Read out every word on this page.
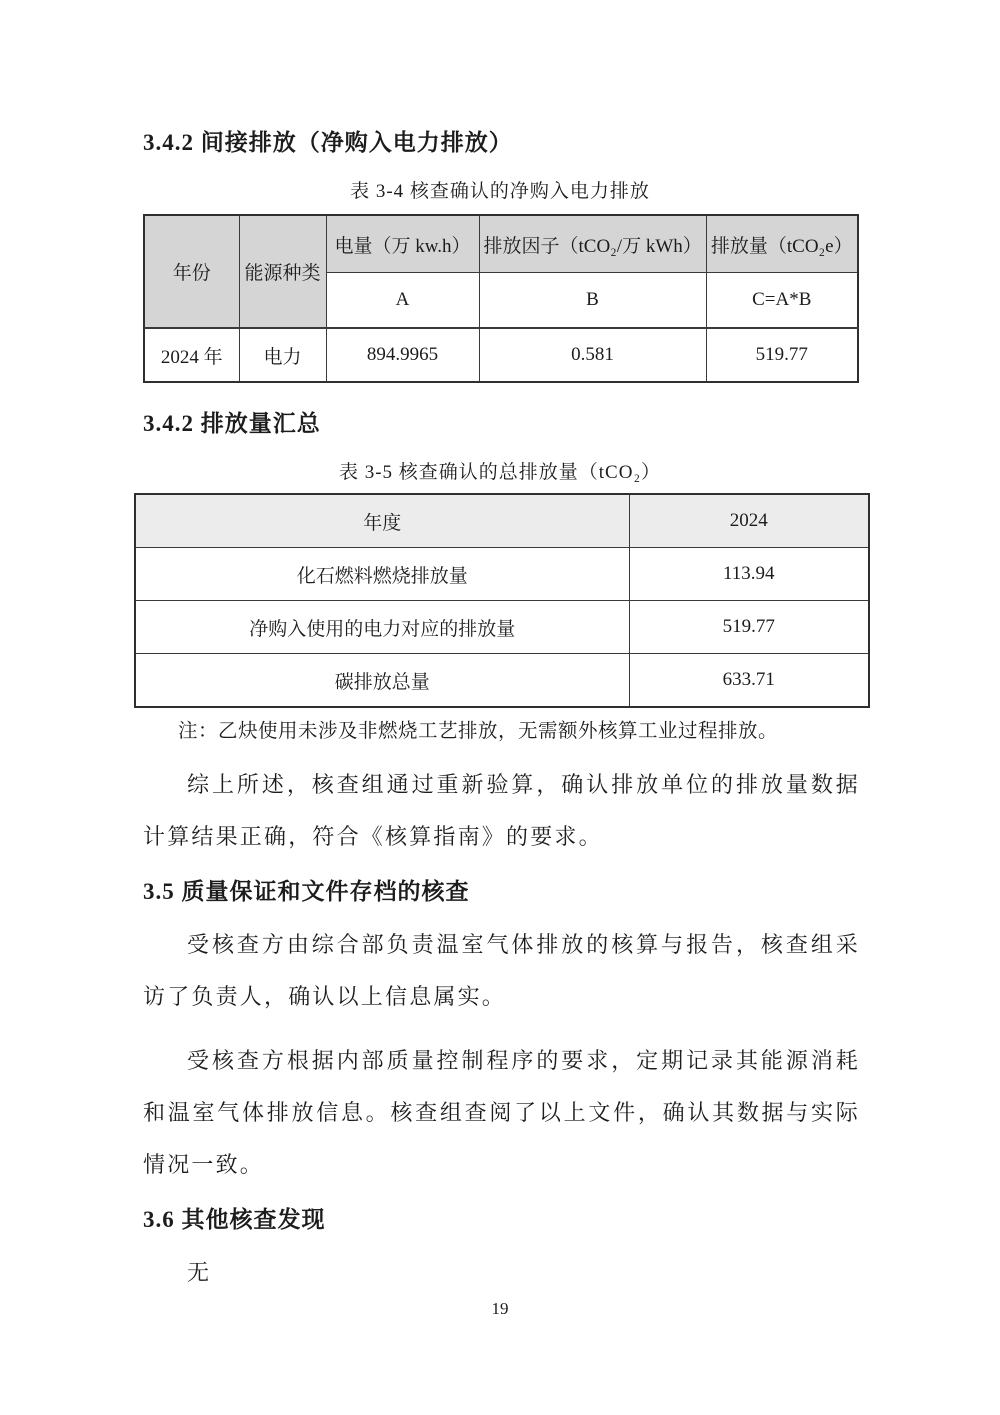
3.4.2 间接排放（净购入电力排放）
表 3-4 核查确认的净购入电力排放
年份	能源种类	电量（万 kw.h）	排放因子（tCO₂/万 kWh）	排放量（tCO₂e）
		A	B	C=A*B
2024 年	电力	894.9965	0.581	519.77
3.4.2 排放量汇总
表 3-5 核查确认的总排放量（tCO₂）
年度	2024
化石燃料燃烧排放量	113.94
净购入使用的电力对应的排放量	519.77
碳排放总量	633.71
注：乙炔使用未涉及非燃烧工艺排放，无需额外核算工业过程排放。

综上所述，核查组通过重新验算，确认排放单位的排放量数据计算结果正确，符合《核算指南》的要求。

3.5 质量保证和文件存档的核查

受核查方由综合部负责温室气体排放的核算与报告，核查组采访了负责人，确认以上信息属实。

受核查方根据内部质量控制程序的要求，定期记录其能源消耗和温室气体排放信息。核查组查阅了以上文件，确认其数据与实际情况一致。

3.6 其他核查发现

无

19
